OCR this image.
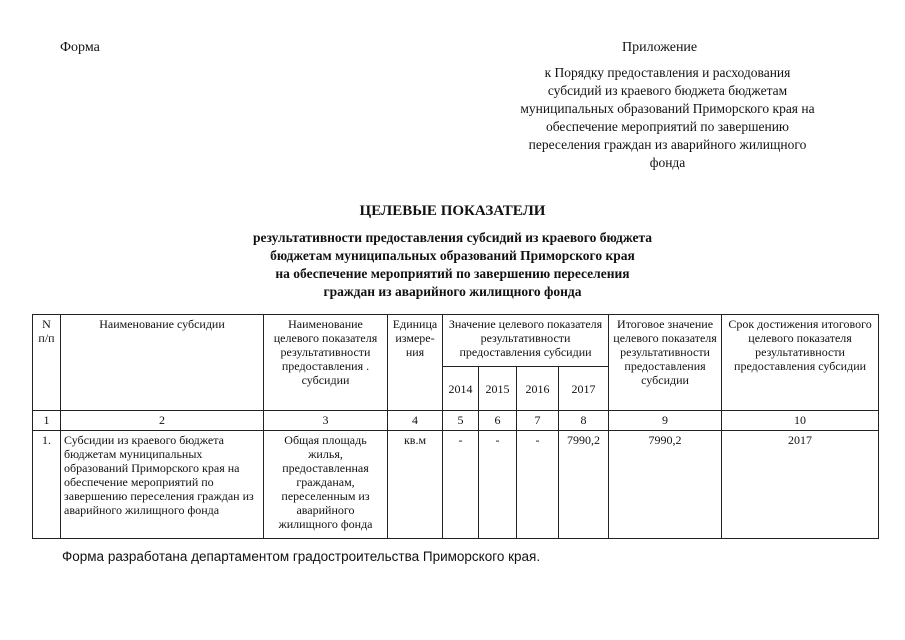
Форма	Приложение
к Порядку предоставления и расходования
субсидий из краевого бюджета бюджетам
муниципальных образований Приморского края на
обеспечение мероприятий по завершению
переселения граждан из аварийного жилищного
фонда
ЦЕЛЕВЫЕ ПОКАЗАТЕЛИ
результативности предоставления субсидий из краевого бюджета
бюджетам муниципальных образований Приморского края
на обеспечение мероприятий по завершению переселения
граждан из аварийного жилищного фонда
N п/п	Наименование субсидии	Наименование целевого показателя результативности предоставления . субсидии	Единица измере-ния	Значение целевого показателя результативности предоставления субсидии				Итоговое значение целевого показателя результативности предоставления субсидии	Срок достижения итогового целевого показателя результативности предоставления субсидии
				2014	2015	2016	2017		
1	2	3	4	5	6	7	8	9	10
1.	Субсидии из краевого бюджета бюджетам муниципальных образований Приморского края на обеспечение мероприятий по завершению переселения граждан из аварийного жилищного фонда	Общая площадь жилья, предоставленная гражданам, переселенным из аварийного жилищного фонда	кв.м	-	-	-	7990,2	7990,2	2017
Форма разработана департаментом градостроительства Приморского края.
